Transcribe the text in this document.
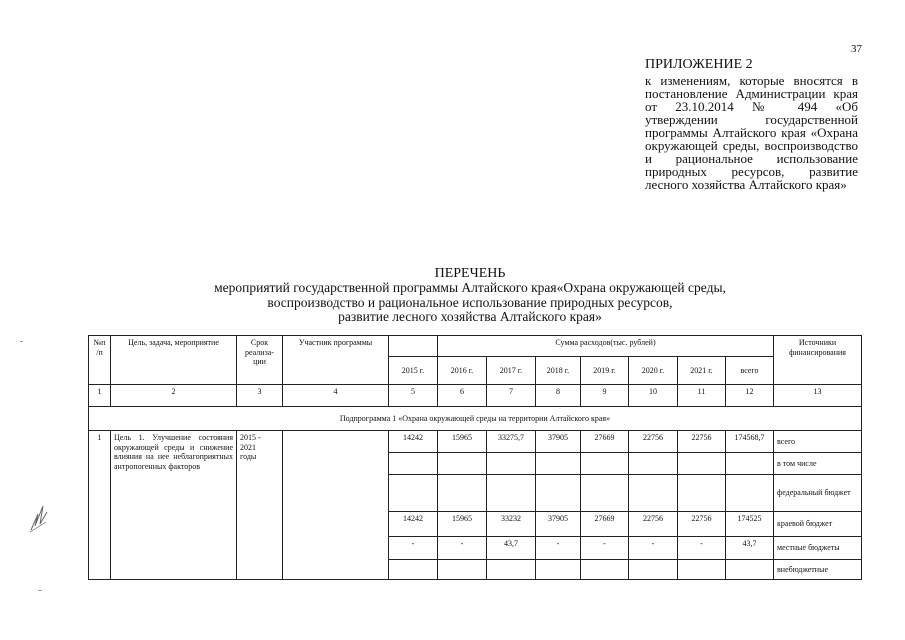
37
ПРИЛОЖЕНИЕ 2
к изменениям, которые вносятся в постановление Администрации края от 23.10.2014 № 494 «Об утверждении государственной программы Алтайского края «Охрана окружающей среды, воспроизводство и рациональное использование природных ресурсов, развитие лесного хозяйства Алтайского края»
ПЕРЕЧЕНЬ
мероприятий государственной программы Алтайского края«Охрана окружающей среды,
воспроизводство и рациональное использование природных ресурсов,
развитие лесного хозяйства Алтайского края»
№п /п	Цель, задача, мероприятие	Срок реализа-ции	Участник программы		Сумма расходов(тыс. рублей)							Источники финансирования
				2015 г.	2016 г.	2017 г.	2018 г.	2019 г.	2020 г.	2021 г.	всего	
1	2	3	4	5	6	7	8	9	10	11	12	13
Подпрограмма 1 «Охрана окружающей среды на территории Алтайского края»												
1	Цель 1. Улучшение состояния окружающей среды и снижение влияния на нее неблагоприятных антропогенных факторов	2015 -
2021
годы		14242	15965	33275,7	37905	27669	22756	22756	174568,7	всего
												в том числе
												федеральный бюджет
				14242	15965	33232	37905	27669	22756	22756	174525	краевой бюджет
				-	-	43,7	-	-	-	-	43,7	местные бюджеты
												внебюджетные
